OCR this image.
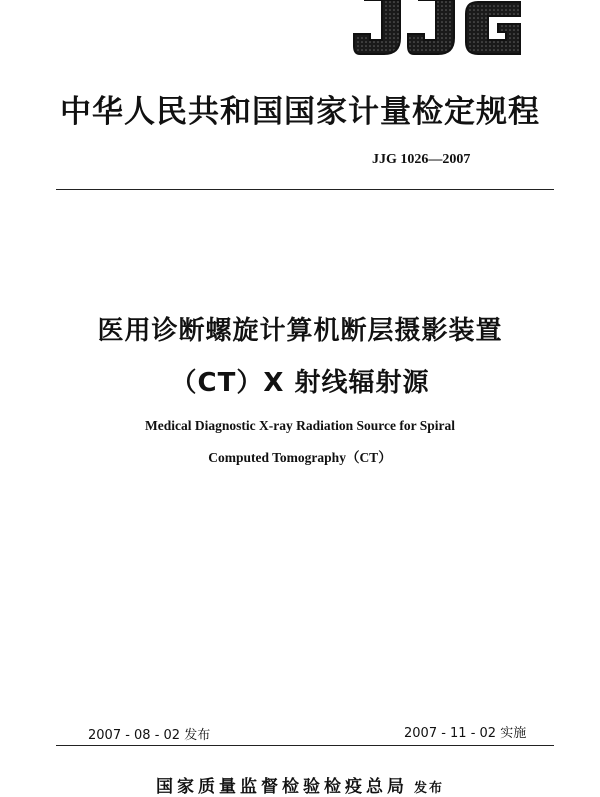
中华人民共和国国家计量检定规程
JJG 1026—2007
医用诊断螺旋计算机断层摄影装置
（CT）X 射线辐射源
Medical Diagnostic X-ray Radiation Source for Spiral
Computed Tomography（CT）
2007 - 08 - 02 发布	2007 - 11 - 02 实施
国家质量监督检验检疫总局 发布
